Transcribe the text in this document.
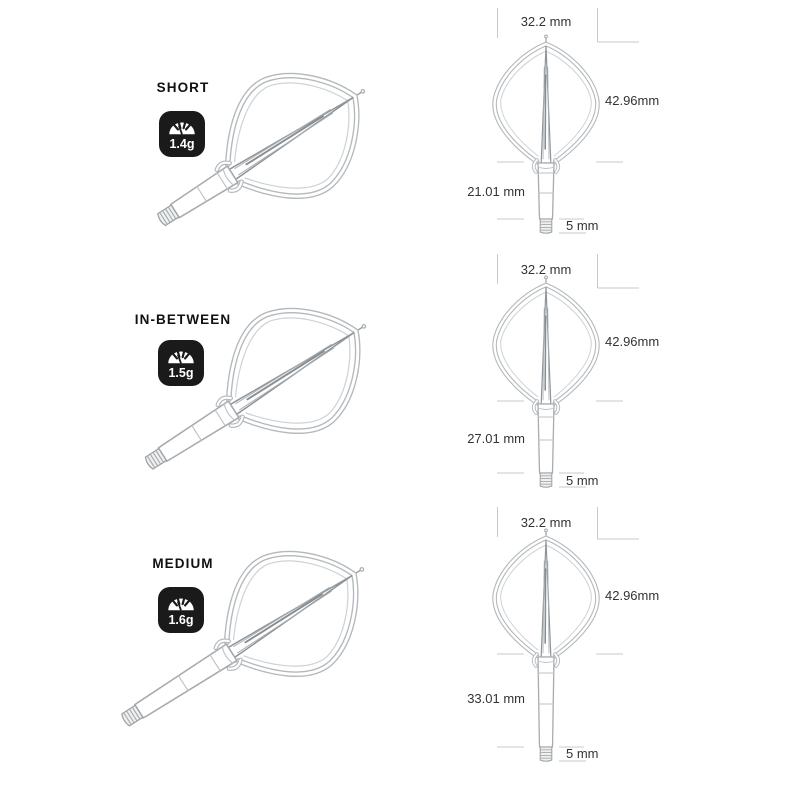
SHORT
IN-BETWEEN
MEDIUM
1.4g
1.5g
1.6g
32.2 mm
42.96mm
21.01 mm
5 mm
32.2 mm
42.96mm
27.01 mm
5 mm
32.2 mm
42.96mm
33.01 mm
5 mm
